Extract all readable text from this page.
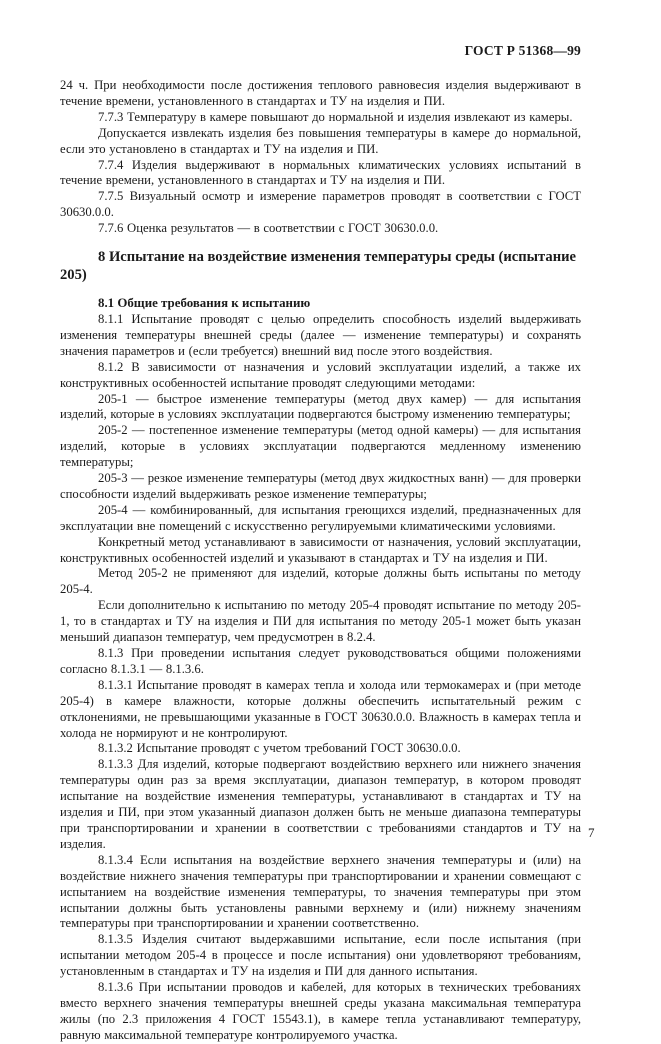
ГОСТ Р 51368—99

24 ч. При необходимости после достижения теплового равновесия изделия выдерживают в течение времени, установленного в стандартах и ТУ на изделия и ПИ.

7.7.3 Температуру в камере повышают до нормальной и изделия извлекают из камеры.

Допускается извлекать изделия без повышения температуры в камере до нормальной, если это установлено в стандартах и ТУ на изделия и ПИ.

7.7.4 Изделия выдерживают в нормальных климатических условиях испытаний в течение времени, установленного в стандартах и ТУ на изделия и ПИ.

7.7.5 Визуальный осмотр и измерение параметров проводят в соответствии с ГОСТ 30630.0.0.

7.7.6 Оценка результатов — в соответствии с ГОСТ 30630.0.0.

8 Испытание на воздействие изменения температуры среды (испытание 205)
8.1 Общие требования к испытанию

8.1.1 Испытание проводят с целью определить способность изделий выдерживать изменения температуры внешней среды (далее — изменение температуры) и сохранять значения параметров и (если требуется) внешний вид после этого воздействия.

8.1.2 В зависимости от назначения и условий эксплуатации изделий, а также их конструктивных особенностей испытание проводят следующими методами:

205-1 — быстрое изменение температуры (метод двух камер) — для испытания изделий, которые в условиях эксплуатации подвергаются быстрому изменению температуры;

205-2 — постепенное изменение температуры (метод одной камеры) — для испытания изделий, которые в условиях эксплуатации подвергаются медленному изменению температуры;

205-3 — резкое изменение температуры (метод двух жидкостных ванн) — для проверки способности изделий выдерживать резкое изменение температуры;

205-4 — комбинированный, для испытания греющихся изделий, предназначенных для эксплуатации вне помещений с искусственно регулируемыми климатическими условиями.

Конкретный метод устанавливают в зависимости от назначения, условий эксплуатации, конструктивных особенностей изделий и указывают в стандартах и ТУ на изделия и ПИ.

Метод 205-2 не применяют для изделий, которые должны быть испытаны по методу 205-4.

Если дополнительно к испытанию по методу 205-4 проводят испытание по методу 205-1, то в стандартах и ТУ на изделия и ПИ для испытания по методу 205-1 может быть указан меньший диапазон температур, чем предусмотрен в 8.2.4.

8.1.3 При проведении испытания следует руководствоваться общими положениями согласно 8.1.3.1 — 8.1.3.6.

8.1.3.1 Испытание проводят в камерах тепла и холода или термокамерах и (при методе 205-4) в камере влажности, которые должны обеспечить испытательный режим с отклонениями, не превышающими указанные в ГОСТ 30630.0.0. Влажность в камерах тепла и холода не нормируют и не контролируют.

8.1.3.2 Испытание проводят с учетом требований ГОСТ 30630.0.0.

8.1.3.3 Для изделий, которые подвергают воздействию верхнего или нижнего значения температуры один раз за время эксплуатации, диапазон температур, в котором проводят испытание на воздействие изменения температуры, устанавливают в стандартах и ТУ на изделия и ПИ, при этом указанный диапазон должен быть не меньше диапазона температуры при транспортировании и хранении в соответствии с требованиями стандартов и ТУ на изделия.

8.1.3.4 Если испытания на воздействие верхнего значения температуры и (или) на воздействие нижнего значения температуры при транспортировании и хранении совмещают с испытанием на воздействие изменения температуры, то значения температуры при этом испытании должны быть установлены равными верхнему и (или) нижнему значениям температуры при транспортировании и хранении соответственно.

8.1.3.5 Изделия считают выдержавшими испытание, если после испытания (при испытании методом 205-4 в процессе и после испытания) они удовлетворяют требованиям, установленным в стандартах и ТУ на изделия и ПИ для данного испытания.

8.1.3.6 При испытании проводов и кабелей, для которых в технических требованиях вместо верхнего значения температуры внешней среды указана максимальная температура жилы (по 2.3 приложения 4 ГОСТ 15543.1), в камере тепла устанавливают температуру, равную максимальной температуре контролируемого участка.

7
